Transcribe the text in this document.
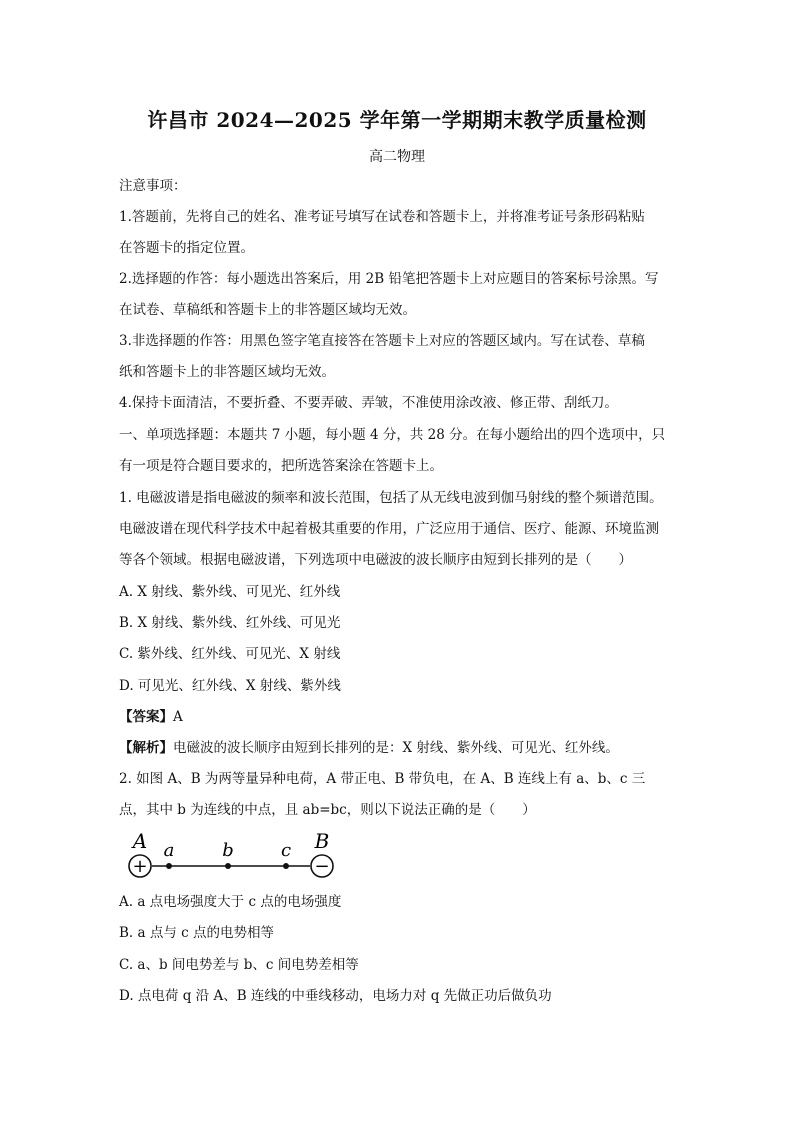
许昌市 2024—2025 学年第一学期期末教学质量检测
高二物理
注意事项：
1.答题前，先将自己的姓名、准考证号填写在试卷和答题卡上，并将准考证号条形码粘贴
在答题卡的指定位置。
2.选择题的作答：每小题选出答案后，用 2B 铅笔把答题卡上对应题目的答案标号涂黑。写
在试卷、草稿纸和答题卡上的非答题区域均无效。
3.非选择题的作答：用黑色签字笔直接答在答题卡上对应的答题区域内。写在试卷、草稿
纸和答题卡上的非答题区域均无效。
4.保持卡面清洁，不要折叠、不要弄破、弄皱，不准使用涂改液、修正带、刮纸刀。
一、单项选择题：本题共 7 小题，每小题 4 分，共 28 分。在每小题给出的四个选项中，只
有一项是符合题目要求的，把所选答案涂在答题卡上。
1. 电磁波谱是指电磁波的频率和波长范围，包括了从无线电波到伽马射线的整个频谱范围。
电磁波谱在现代科学技术中起着极其重要的作用，广泛应用于通信、医疗、能源、环境监测
等各个领域。根据电磁波谱，下列选项中电磁波的波长顺序由短到长排列的是（　　）
A. X 射线、紫外线、可见光、红外线
B. X 射线、紫外线、红外线、可见光
C. 紫外线、红外线、可见光、X 射线
D. 可见光、红外线、X 射线、紫外线
【答案】A
【解析】电磁波的波长顺序由短到长排列的是：X 射线、紫外线、可见光、红外线。
2. 如图 A、B 为两等量异种电荷，A 带正电、B 带负电，在 A、B 连线上有 a、b、c 三
点，其中 b 为连线的中点，且 ab=bc，则以下说法正确的是（　　）
+	−
A	B
a	b	c
A. a 点电场强度大于 c 点的电场强度
B. a 点与 c 点的电势相等
C. a、b 间电势差与 b、c 间电势差相等
D. 点电荷 q 沿 A、B 连线的中垂线移动，电场力对 q 先做正功后做负功
